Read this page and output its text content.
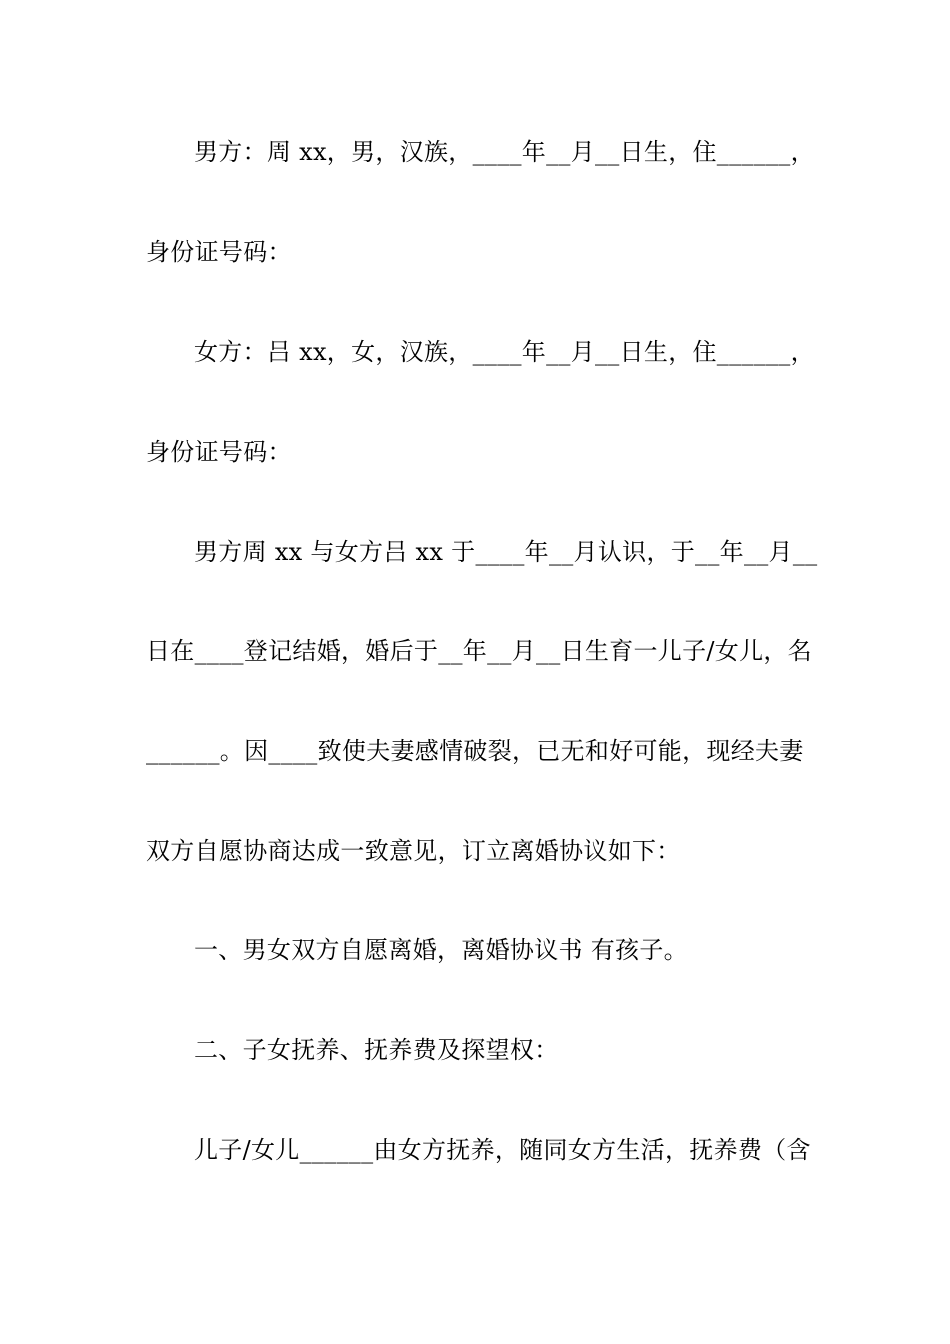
男方：周 xx，男，汉族，____年__月__日生，住______，
身份证号码：
女方：吕 xx，女，汉族，____年__月__日生，住______，
身份证号码：
男方周 xx 与女方吕 xx 于____年__月认识，于__年__月__
日在____登记结婚，婚后于__年__月__日生育一儿子/女儿，名
______。因____致使夫妻感情破裂，已无和好可能，现经夫妻
双方自愿协商达成一致意见，订立离婚协议如下：
一、男女双方自愿离婚，离婚协议书 有孩子。
二、子女抚养、抚养费及探望权：
儿子/女儿______由女方抚养，随同女方生活，抚养费（含
